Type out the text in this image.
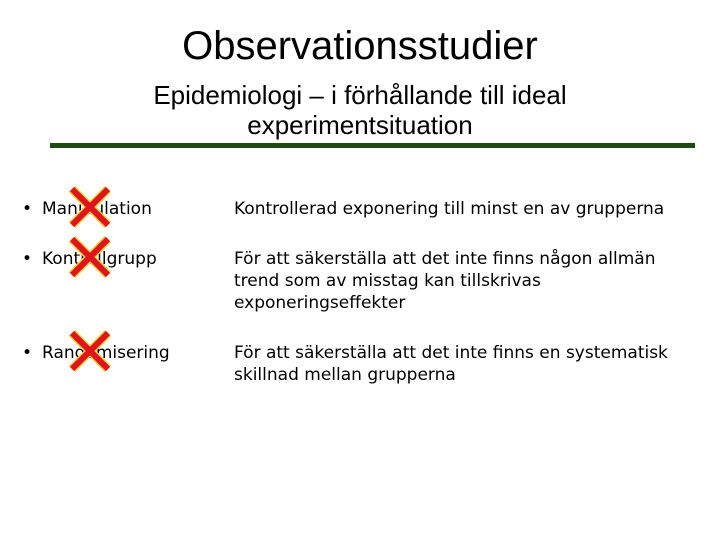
Observationsstudier
Epidemiologi – i förhållande till ideal
experimentsituation
• Manipulation	Kontrollerad exponering till minst en av grupperna
• Kontrollgrupp	För att säkerställa att det inte finns någon allmän trend som av misstag kan tillskrivas exponeringseffekter
• Randomisering	För att säkerställa att det inte finns en systematisk skillnad mellan grupperna
